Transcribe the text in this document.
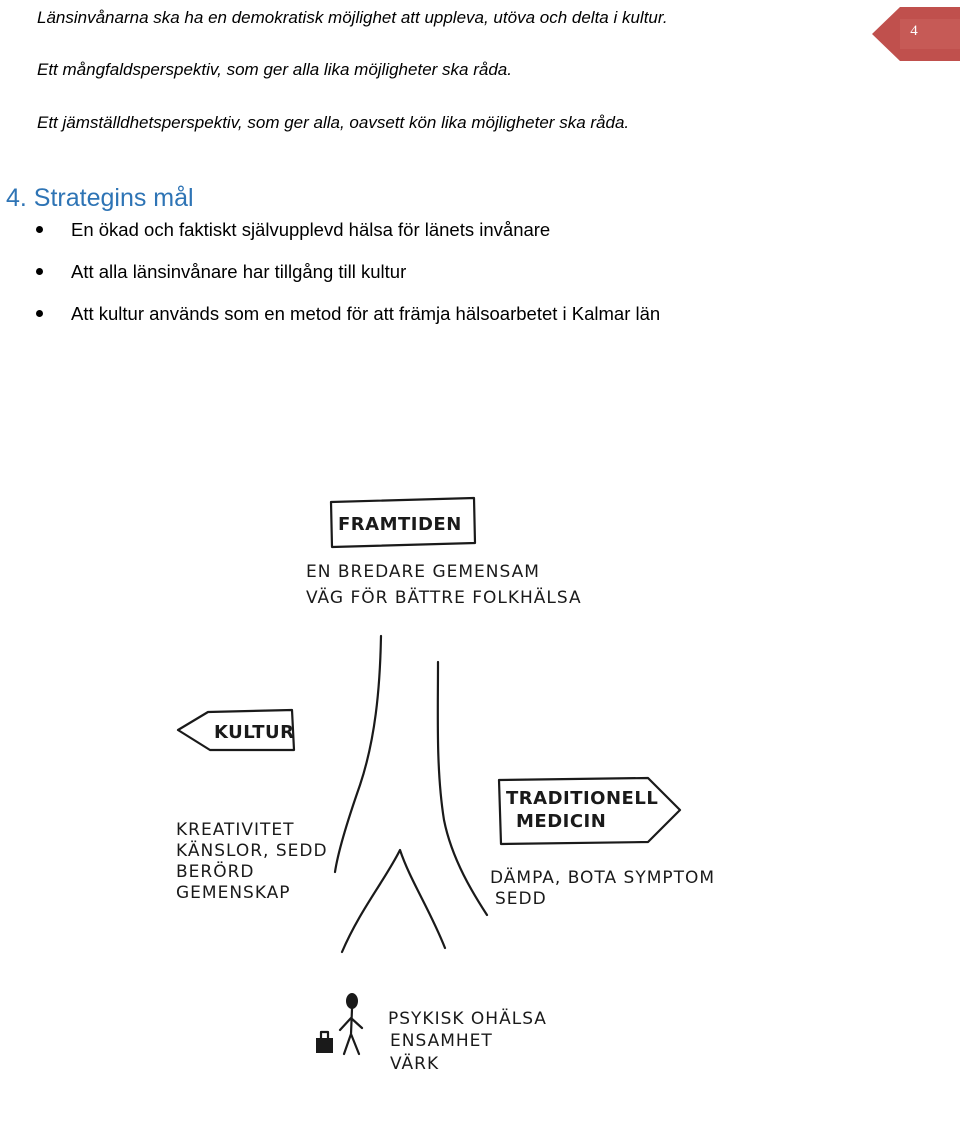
Länsinvånarna ska ha en demokratisk möjlighet att uppleva, utöva och delta i kultur.
Ett mångfaldsperspektiv, som ger alla lika möjligheter ska råda.
Ett jämställdhetsperspektiv, som ger alla, oavsett kön lika möjligheter ska råda.
4
4. Strategins mål
En ökad och faktiskt självupplevd hälsa för länets invånare
Att alla länsinvånare har tillgång till kultur
Att kultur används som en metod för att främja hälsoarbetet i Kalmar län
FRAMTIDEN
EN BREDARE GEMENSAM
VÄG FÖR BÄTTRE FOLKHÄLSA
KULTUR
KREATIVITET
KÄNSLOR, SEDD
BERÖRD
GEMENSKAP
TRADITIONELL
MEDICIN
DÄMPA, BOTA SYMPTOM
SEDD
PSYKISK OHÄLSA
ENSAMHET
VÄRK
